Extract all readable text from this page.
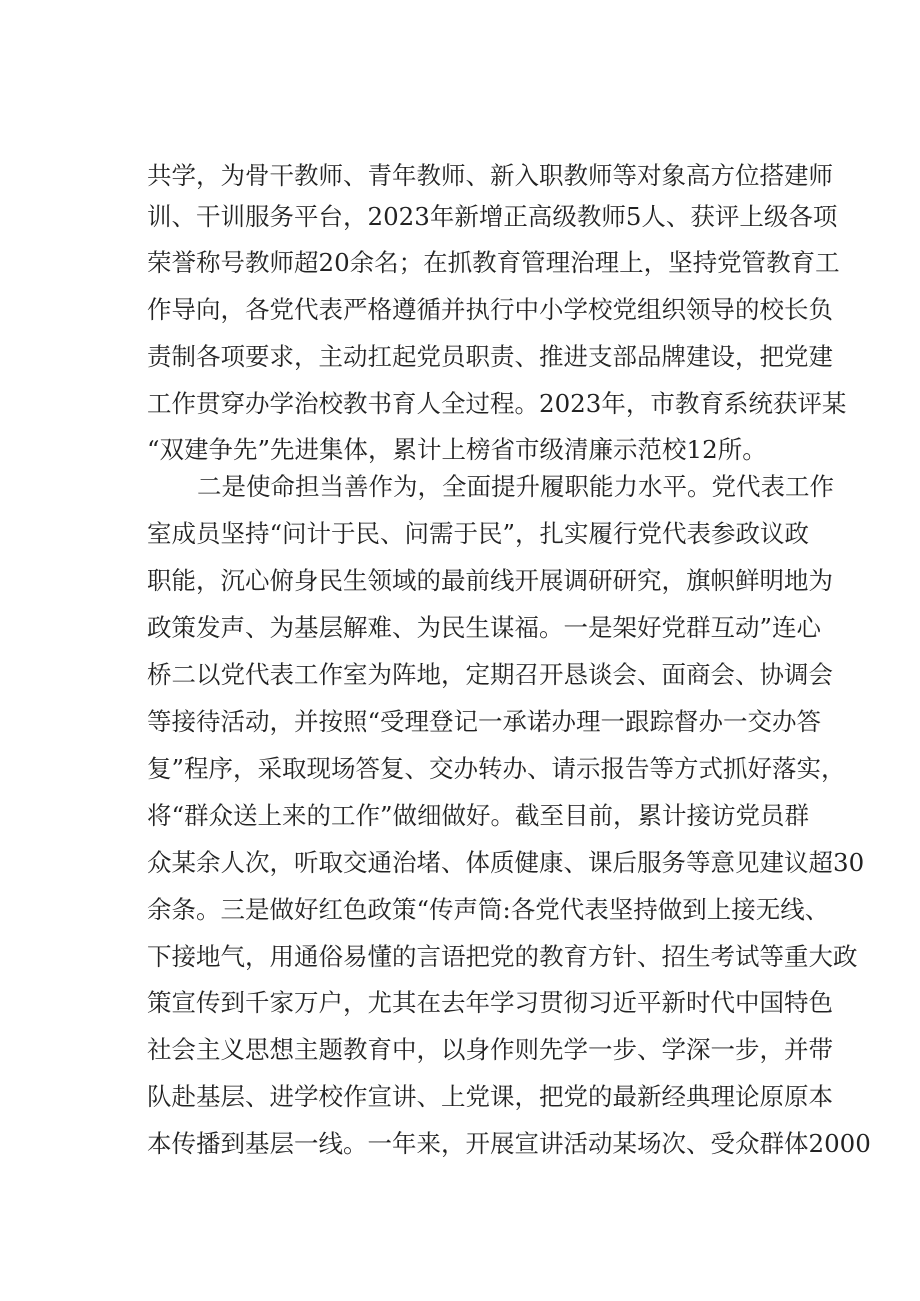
共学，为骨干教师、青年教师、新入职教师等对象高方位搭建师

训、干训服务平台，2023年新增正高级教师5人、获评上级各项

荣誉称号教师超20余名；在抓教育管理治理上，坚持党管教育工

作导向，各党代表严格遵循并执行中小学校党组织领导的校长负

责制各项要求，主动扛起党员职责、推进支部品牌建设，把党建

工作贯穿办学治校教书育人全过程。2023年，市教育系统获评某

“双建争先”先进集体，累计上榜省市级清廉示范校12所。

二是使命担当善作为，全面提升履职能力水平。党代表工作

室成员坚持“问计于民、问需于民”，扎实履行党代表参政议政

职能，沉心俯身民生领域的最前线开展调研研究，旗帜鲜明地为

政策发声、为基层解难、为民生谋福。一是架好党群互动”连心

桥二以党代表工作室为阵地，定期召开恳谈会、面商会、协调会

等接待活动，并按照“受理登记一承诺办理一跟踪督办一交办答

复”程序，采取现场答复、交办转办、请示报告等方式抓好落实，

将“群众送上来的工作”做细做好。截至目前，累计接访党员群

众某余人次，听取交通治堵、体质健康、课后服务等意见建议超30

余条。三是做好红色政策“传声筒:各党代表坚持做到上接无线、

下接地气，用通俗易懂的言语把党的教育方针、招生考试等重大政

策宣传到千家万户，尤其在去年学习贯彻习近平新时代中国特色

社会主义思想主题教育中，以身作则先学一步、学深一步，并带

队赴基层、进学校作宣讲、上党课，把党的最新经典理论原原本

本传播到基层一线。一年来，开展宣讲活动某场次、受众群体2000
